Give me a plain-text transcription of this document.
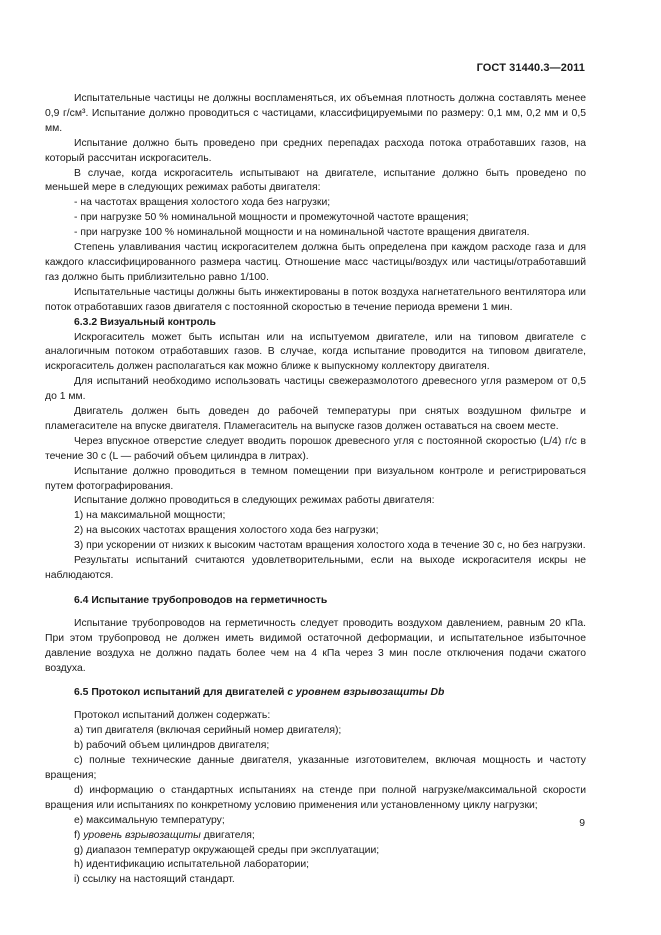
ГОСТ 31440.3—2011

Испытательные частицы не должны воспламеняться, их объемная плотность должна составлять менее 0,9 г/см³. Испытание должно проводиться с частицами, классифицируемыми по размеру: 0,1 мм, 0,2 мм и 0,5 мм.

Испытание должно быть проведено при средних перепадах расхода потока отработавших газов, на который рассчитан искрогаситель.

В случае, когда искрогаситель испытывают на двигателе, испытание должно быть проведено по меньшей мере в следующих режимах работы двигателя:

- на частотах вращения холостого хода без нагрузки;

- при нагрузке 50 % номинальной мощности и промежуточной частоте вращения;

- при нагрузке 100 % номинальной мощности и на номинальной частоте вращения двигателя.

Степень улавливания частиц искрогасителем должна быть определена при каждом расходе газа и для каждого классифицированного размера частиц. Отношение масс частицы/воздух или частицы/отработавший газ должно быть приблизительно равно 1/100.

Испытательные частицы должны быть инжектированы в поток воздуха нагнетательного вентилятора или поток отработавших газов двигателя с постоянной скоростью в течение периода времени 1 мин.

6.3.2 Визуальный контроль

Искрогаситель может быть испытан или на испытуемом двигателе, или на типовом двигателе с аналогичным потоком отработавших газов. В случае, когда испытание проводится на типовом двигателе, искрогаситель должен располагаться как можно ближе к выпускному коллектору двигателя.

Для испытаний необходимо использовать частицы свежеразмолотого древесного угля размером от 0,5 до 1 мм.

Двигатель должен быть доведен до рабочей температуры при снятых воздушном фильтре и пламегасителе на впуске двигателя. Пламегаситель на выпуске газов должен оставаться на своем месте.

Через впускное отверстие следует вводить порошок древесного угля с постоянной скоростью (L/4) г/с в течение 30 с (L — рабочий объем цилиндра в литрах).

Испытание должно проводиться в темном помещении при визуальном контроле и регистрироваться путем фотографирования.

Испытание должно проводиться в следующих режимах работы двигателя:

1) на максимальной мощности;

2) на высоких частотах вращения холостого хода без нагрузки;

3) при ускорении от низких к высоким частотам вращения холостого хода в течение 30 с, но без нагрузки.

Результаты испытаний считаются удовлетворительными, если на выходе искрогасителя искры не наблюдаются.

6.4 Испытание трубопроводов на герметичность

Испытание трубопроводов на герметичность следует проводить воздухом давлением, равным 20 кПа. При этом трубопровод не должен иметь видимой остаточной деформации, и испытательное избыточное давление воздуха не должно падать более чем на 4 кПа через 3 мин после отключения подачи сжатого воздуха.

6.5 Протокол испытаний для двигателей с уровнем взрывозащиты Db

Протокол испытаний должен содержать:

a) тип двигателя (включая серийный номер двигателя);

b) рабочий объем цилиндров двигателя;

c) полные технические данные двигателя, указанные изготовителем, включая мощность и частоту вращения;

d) информацию о стандартных испытаниях на стенде при полной нагрузке/максимальной скорости вращения или испытаниях по конкретному условию применения или установленному циклу нагрузки;

e) максимальную температуру;

f) уровень взрывозащиты двигателя;

g) диапазон температур окружающей среды при эксплуатации;

h) идентификацию испытательной лаборатории;

i) ссылку на настоящий стандарт.

9
